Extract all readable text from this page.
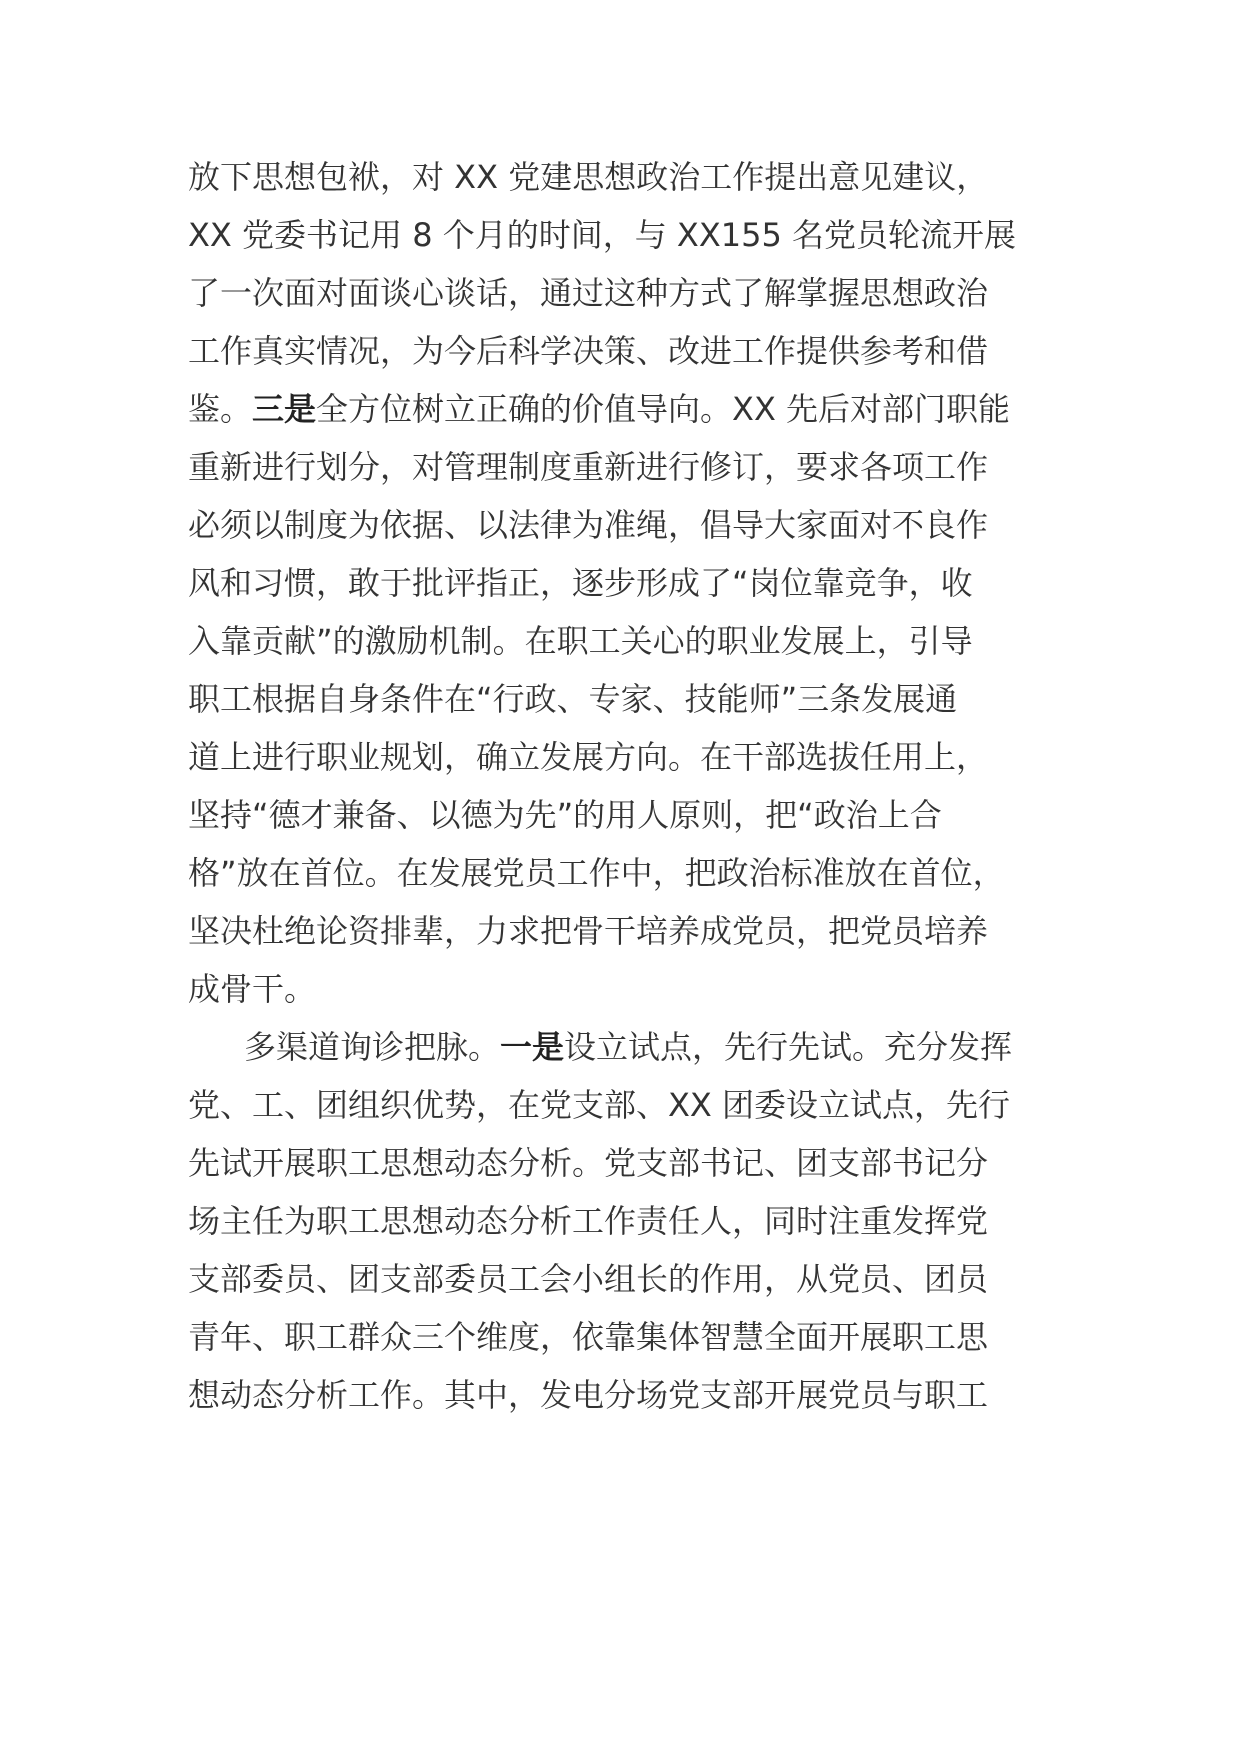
放下思想包袱，对 XX 党建思想政治工作提出意见建议，
XX 党委书记用 8 个月的时间，与 XX155 名党员轮流开展
了一次面对面谈心谈话，通过这种方式了解掌握思想政治
工作真实情况，为今后科学决策、改进工作提供参考和借
鉴。三是全方位树立正确的价值导向。XX 先后对部门职能
重新进行划分，对管理制度重新进行修订，要求各项工作
必须以制度为依据、以法律为准绳，倡导大家面对不良作
风和习惯，敢于批评指正，逐步形成了“岗位靠竞争，收
入靠贡献”的激励机制。在职工关心的职业发展上，引导
职工根据自身条件在“行政、专家、技能师”三条发展通
道上进行职业规划，确立发展方向。在干部选拔任用上，
坚持“德才兼备、以德为先”的用人原则，把“政治上合
格”放在首位。在发展党员工作中，把政治标准放在首位，
坚决杜绝论资排辈，力求把骨干培养成党员，把党员培养
成骨干。
多渠道询诊把脉。一是设立试点，先行先试。充分发挥
党、工、团组织优势，在党支部、XX 团委设立试点，先行
先试开展职工思想动态分析。党支部书记、团支部书记分
场主任为职工思想动态分析工作责任人，同时注重发挥党
支部委员、团支部委员工会小组长的作用，从党员、团员
青年、职工群众三个维度，依靠集体智慧全面开展职工思
想动态分析工作。其中，发电分场党支部开展党员与职工
